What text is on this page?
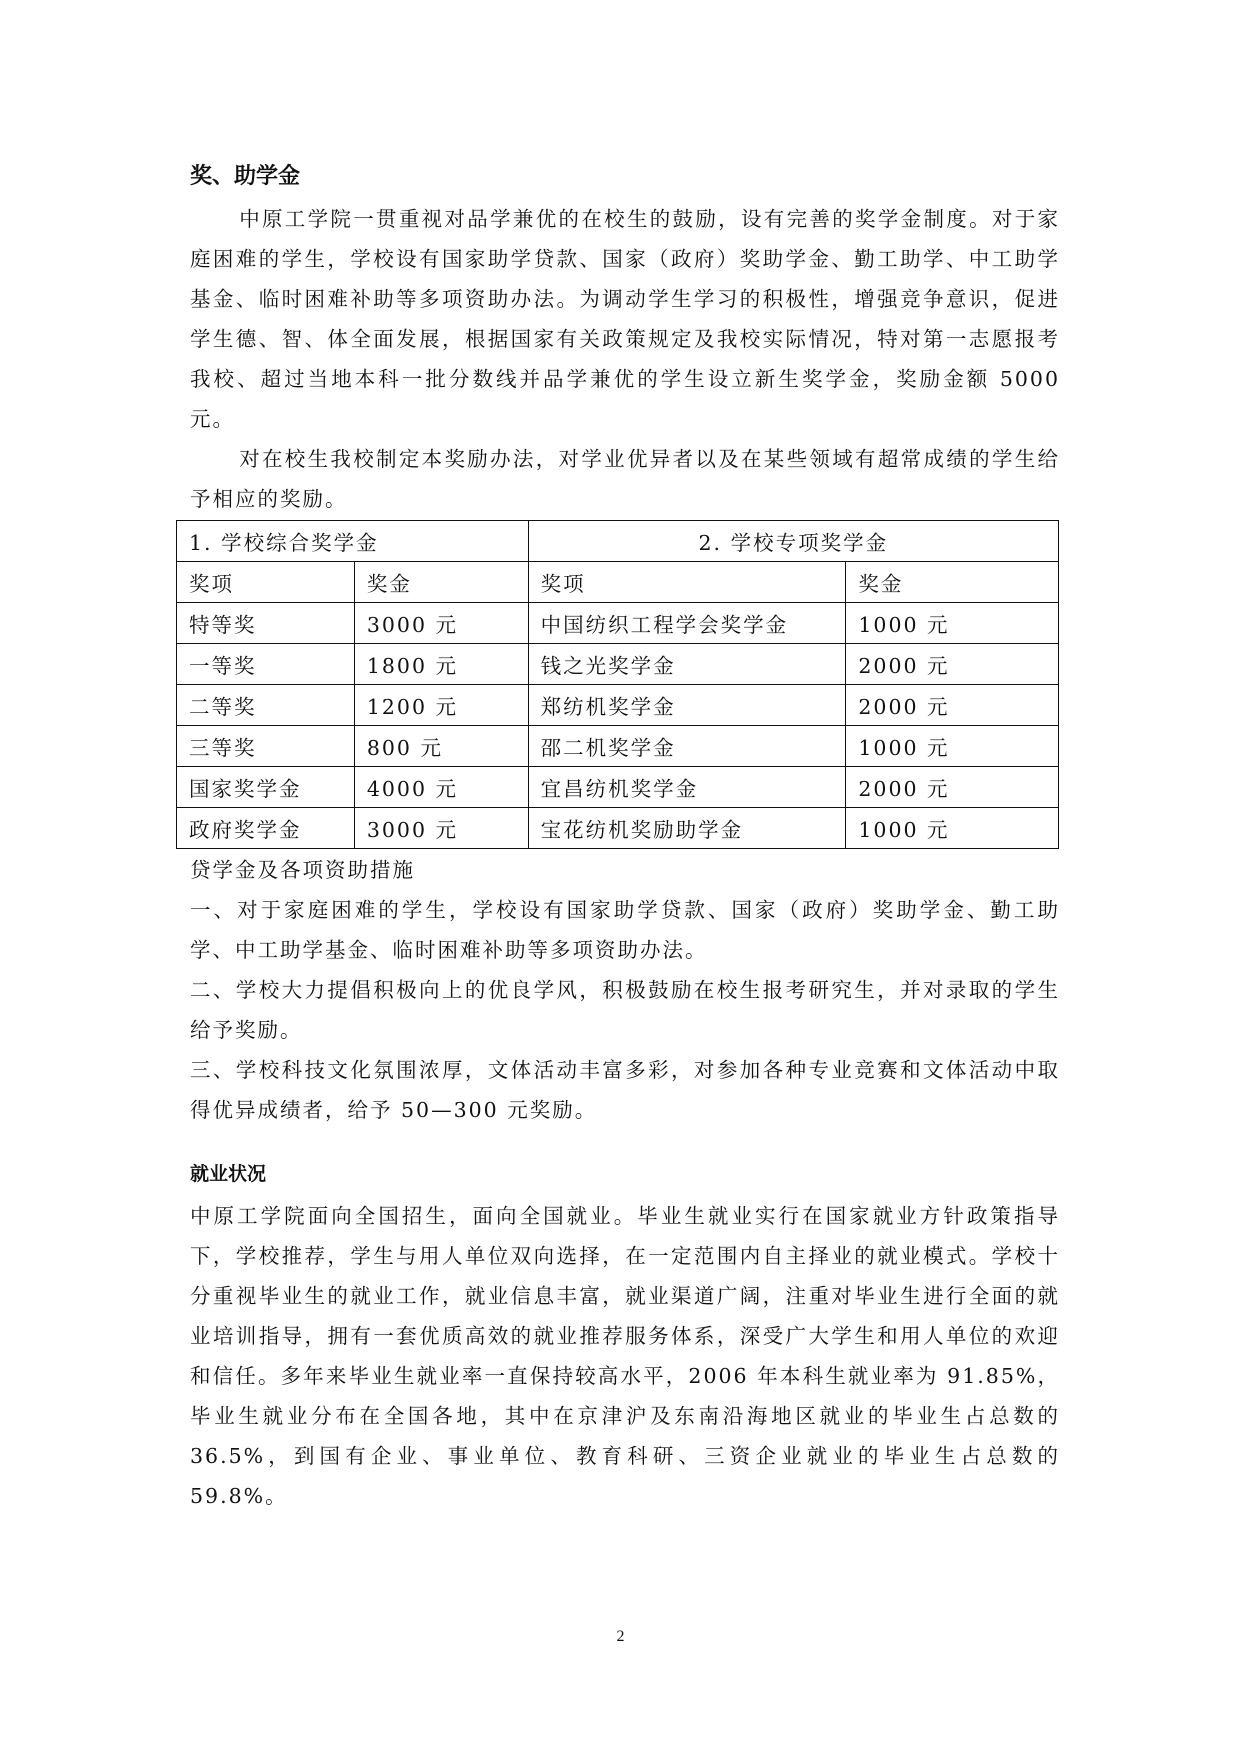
奖、助学金

中原工学院一贯重视对品学兼优的在校生的鼓励，设有完善的奖学金制度。对于家庭困难的学生，学校设有国家助学贷款、国家（政府）奖助学金、勤工助学、中工助学基金、临时困难补助等多项资助办法。为调动学生学习的积极性，增强竞争意识，促进学生德、智、体全面发展，根据国家有关政策规定及我校实际情况，特对第一志愿报考我校、超过当地本科一批分数线并品学兼优的学生设立新生奖学金，奖励金额 5000 元。

对在校生我校制定本奖励办法，对学业优异者以及在某些领域有超常成绩的学生给予相应的奖励。

1. 学校综合奖学金		2. 学校专项奖学金	
奖项	奖金	奖项	奖金
特等奖	3000 元	中国纺织工程学会奖学金	1000 元
一等奖	1800 元	钱之光奖学金	2000 元
二等奖	1200 元	郑纺机奖学金	2000 元
三等奖	800 元	邵二机奖学金	1000 元
国家奖学金	4000 元	宜昌纺机奖学金	2000 元
政府奖学金	3000 元	宝花纺机奖励助学金	1000 元

贷学金及各项资助措施

一、对于家庭困难的学生，学校设有国家助学贷款、国家（政府）奖助学金、勤工助学、中工助学基金、临时困难补助等多项资助办法。

二、学校大力提倡积极向上的优良学风，积极鼓励在校生报考研究生，并对录取的学生给予奖励。

三、学校科技文化氛围浓厚，文体活动丰富多彩，对参加各种专业竞赛和文体活动中取得优异成绩者，给予 50—300 元奖励。

就业状况

中原工学院面向全国招生，面向全国就业。毕业生就业实行在国家就业方针政策指导下，学校推荐，学生与用人单位双向选择，在一定范围内自主择业的就业模式。学校十分重视毕业生的就业工作，就业信息丰富，就业渠道广阔，注重对毕业生进行全面的就业培训指导，拥有一套优质高效的就业推荐服务体系，深受广大学生和用人单位的欢迎和信任。多年来毕业生就业率一直保持较高水平，2006 年本科生就业率为 91.85%，毕业生就业分布在全国各地，其中在京津沪及东南沿海地区就业的毕业生占总数的 36.5%，到国有企业、事业单位、教育科研、三资企业就业的毕业生占总数的 59.8%。

2
